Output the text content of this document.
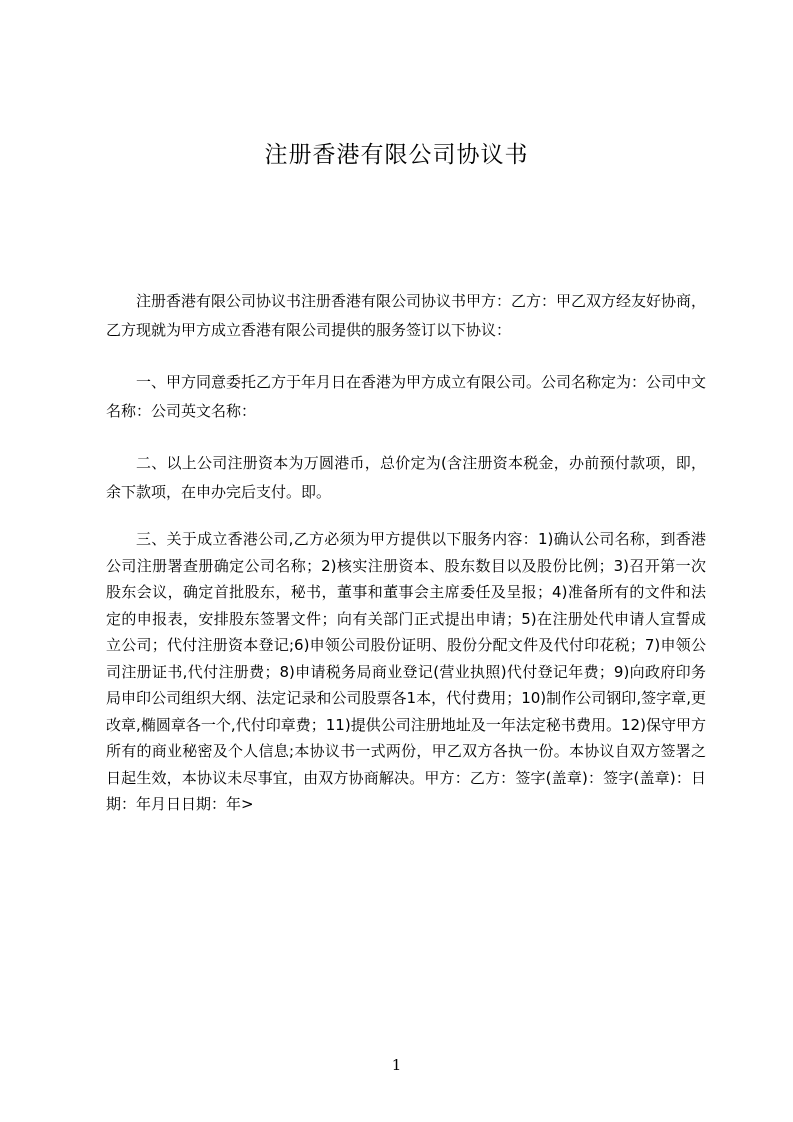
注册香港有限公司协议书

注册香港有限公司协议书注册香港有限公司协议书甲方：乙方：甲乙双方经友好协商，乙方现就为甲方成立香港有限公司提供的服务签订以下协议：

一、甲方同意委托乙方于年月日在香港为甲方成立有限公司。公司名称定为：公司中文名称：公司英文名称：

二、以上公司注册资本为万圆港币，总价定为(含注册资本税金，办前预付款项，即，余下款项，在申办完后支付。即。

三、关于成立香港公司,乙方必须为甲方提供以下服务内容：1)确认公司名称，到香港公司注册署查册确定公司名称；2)核实注册资本、股东数目以及股份比例；3)召开第一次股东会议，确定首批股东，秘书，董事和董事会主席委任及呈报；4)准备所有的文件和法定的申报表，安排股东签署文件；向有关部门正式提出申请；5)在注册处代申请人宣誓成立公司；代付注册资本登记;6)申领公司股份证明、股份分配文件及代付印花税；7)申领公司注册证书,代付注册费；8)申请税务局商业登记(营业执照)代付登记年费；9)向政府印务局申印公司组织大纲、法定记录和公司股票各1本，代付费用；10)制作公司钢印,签字章,更改章,椭圆章各一个,代付印章费；11)提供公司注册地址及一年法定秘书费用。12)保守甲方所有的商业秘密及个人信息;本协议书一式两份，甲乙双方各执一份。本协议自双方签署之日起生效，本协议未尽事宜，由双方协商解决。甲方：乙方：签字(盖章)：签字(盖章)：日期：年月日日期：年>

1
